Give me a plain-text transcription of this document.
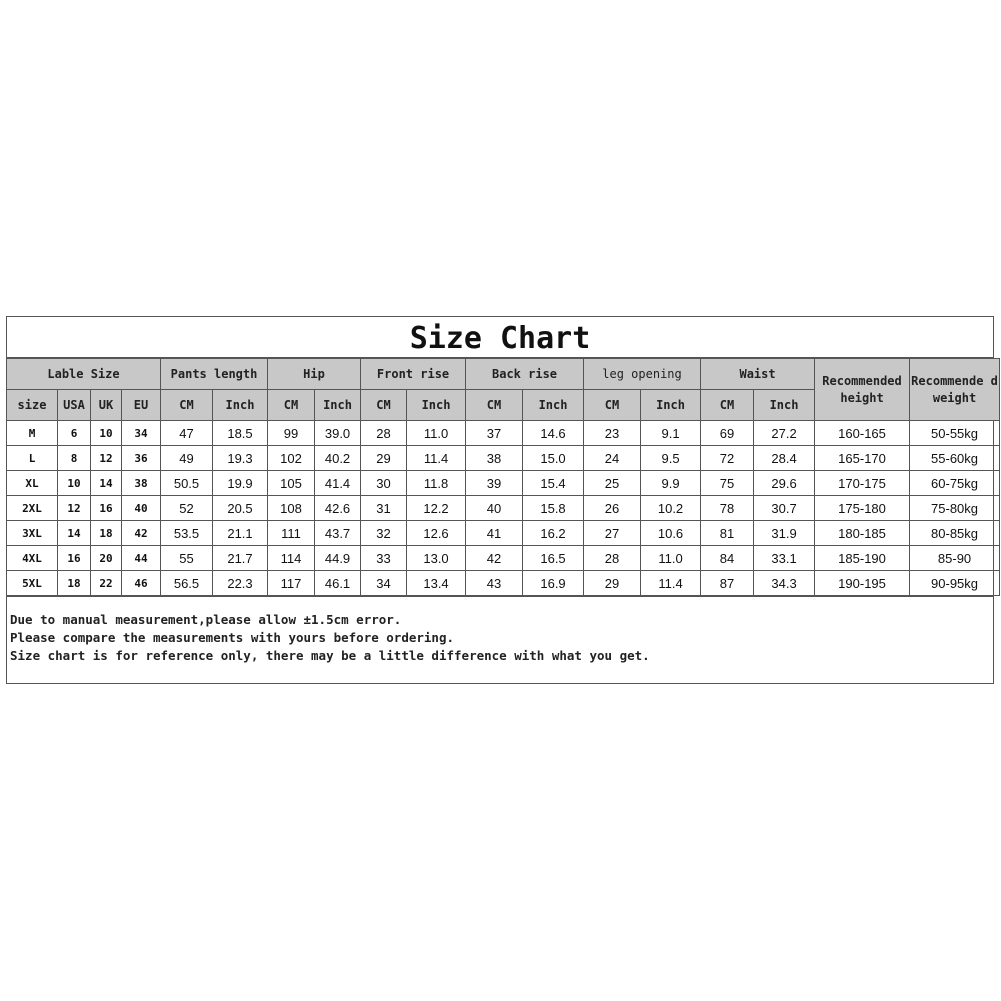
Size Chart
Lable Size				Pants length		Hip		Front rise		Back rise		leg opening		Waist		Recommended height	Recommende d weight
size	USA	UK	EU	CM	Inch	CM	Inch	CM	Inch	CM	Inch	CM	Inch	CM	Inch		
M	6	10	34	47	18.5	99	39.0	28	11.0	37	14.6	23	9.1	69	27.2	160-165	50-55kg
L	8	12	36	49	19.3	102	40.2	29	11.4	38	15.0	24	9.5	72	28.4	165-170	55-60kg
XL	10	14	38	50.5	19.9	105	41.4	30	11.8	39	15.4	25	9.9	75	29.6	170-175	60-75kg
2XL	12	16	40	52	20.5	108	42.6	31	12.2	40	15.8	26	10.2	78	30.7	175-180	75-80kg
3XL	14	18	42	53.5	21.1	111	43.7	32	12.6	41	16.2	27	10.6	81	31.9	180-185	80-85kg
4XL	16	20	44	55	21.7	114	44.9	33	13.0	42	16.5	28	11.0	84	33.1	185-190	85-90
5XL	18	22	46	56.5	22.3	117	46.1	34	13.4	43	16.9	29	11.4	87	34.3	190-195	90-95kg
Due to manual measurement,please allow ±1.5cm error.
Please compare the measurements with yours before ordering.
Size chart is for reference only, there may be a little difference with what you get.
